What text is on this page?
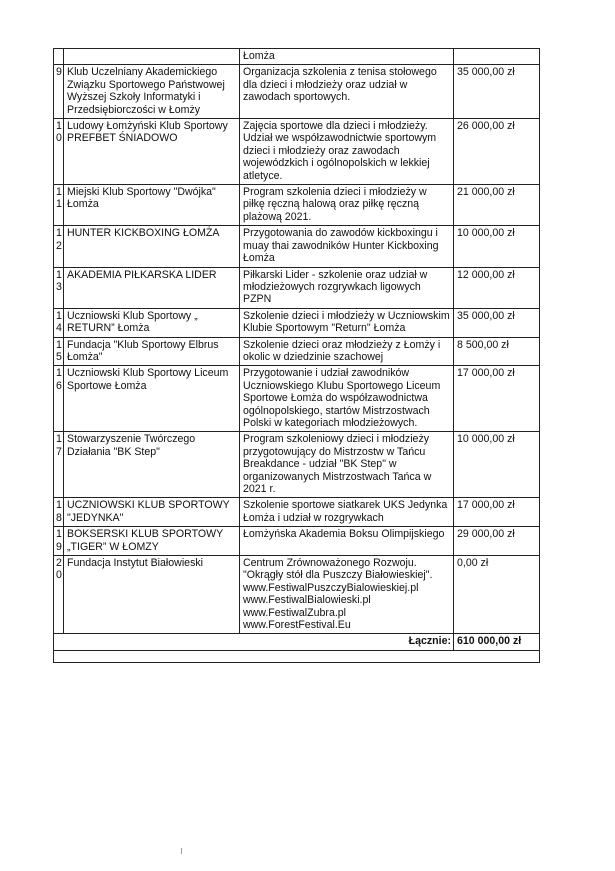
		Łomża	
9	Klub Uczelniany Akademickiego Związku Sportowego Państwowej Wyższej Szkoły Informatyki i Przedsiębiorczości w Łomży	Organizacja szkolenia z tenisa stołowego dla dzieci i młodzieży oraz udział w zawodach sportowych.	35 000,00 zł
10	Ludowy Łomżyński Klub Sportowy PREFBET ŚNIADOWO	Zajęcia sportowe dla dzieci i młodzieży. Udział we współzawodnictwie sportowym dzieci i młodzieży oraz zawodach wojewódzkich i ogólnopolskich w lekkiej atletyce.	26 000,00 zł
11	Miejski Klub Sportowy "Dwójka" Łomża	Program szkolenia dzieci i młodzieży w piłkę ręczną halową oraz piłkę ręczną plażową 2021.	21 000,00 zł
12	HUNTER KICKBOXING ŁOMŻA	Przygotowania do zawodów kickboxingu i muay thai zawodników Hunter Kickboxing Łomża	10 000,00 zł
13	AKADEMIA PIŁKARSKA LIDER	Piłkarski Lider - szkolenie oraz udział w młodzieżowych rozgrywkach ligowych PZPN	12 000,00 zł
14	Uczniowski Klub Sportowy „ RETURN” Łomża	Szkolenie dzieci i młodzieży w Uczniowskim Klubie Sportowym "Return" Łomża	35 000,00 zł
15	Fundacja "Klub Sportowy Elbrus Łomża"	Szkolenie dzieci oraz młodzieży z Łomży i okolic w dziedzinie szachowej	8 500,00 zł
16	Uczniowski Klub Sportowy Liceum Sportowe Łomża	Przygotowanie i udział zawodników Uczniowskiego Klubu Sportowego Liceum Sportowe Łomża do współzawodnictwa ogólnopolskiego, startów Mistrzostwach Polski w kategoriach młodzieżowych.	17 000,00 zł
17	Stowarzyszenie Twórczego Działania "BK Step"	Program szkoleniowy dzieci i młodzieży przygotowujący do Mistrzostw w Tańcu Breakdance - udział "BK Step" w organizowanych Mistrzostwach Tańca w 2021 r.	10 000,00 zł
18	UCZNIOWSKI KLUB SPORTOWY "JEDYNKA"	Szkolenie sportowe siatkarek UKS Jedynka Łomża i udział w rozgrywkach	17 000,00 zł
19	BOKSERSKI KLUB SPORTOWY „TIGER” W ŁOMZY	Łomżyńska Akademia Boksu Olimpijskiego	29 000,00 zł
20	Fundacja Instytut Białowieski	Centrum Zrównoważonego Rozwoju. "Okrągły stół dla Puszczy Białowieskiej". www.FestiwalPuszczyBialowieskiej.pl www.FestiwalBialowieski.pl www.FestiwalZubra.pl www.ForestFestival.Eu	0,00 zł
Łącznie:			610 000,00 zł
